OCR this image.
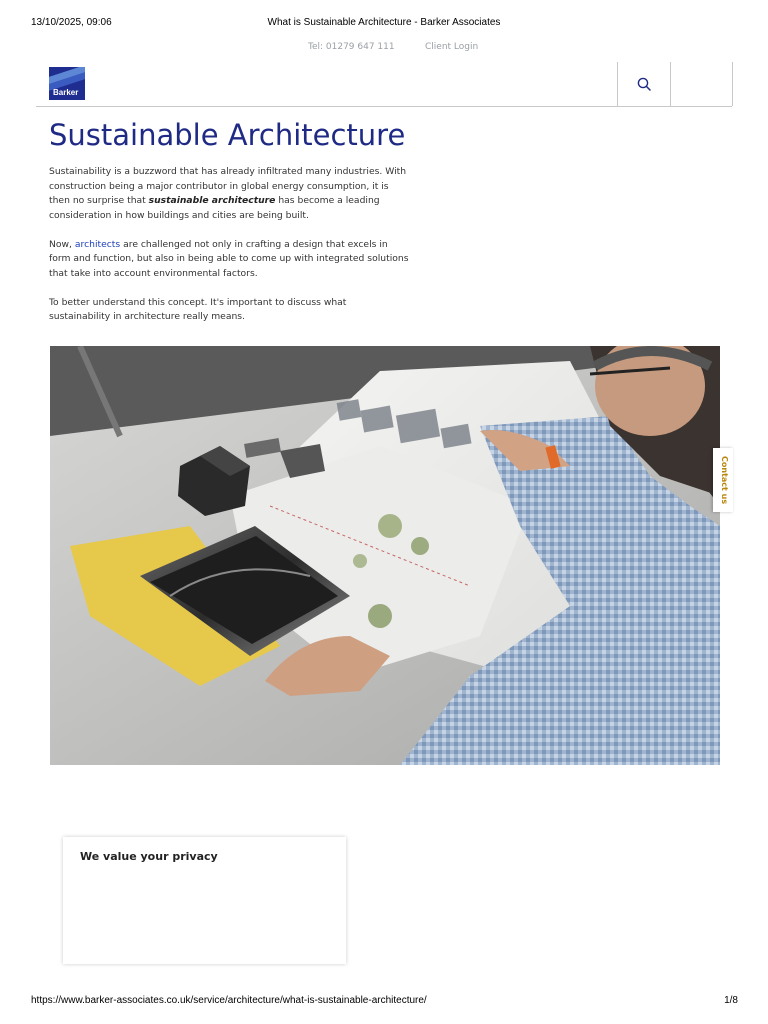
13/10/2025, 09:06	What is Sustainable Architecture - Barker Associates
Tel: 01279 647 111	Client Login
Barker
Sustainable Architecture

Sustainability is a buzzword that has already infiltrated many industries. With construction being a major contributor in global energy consumption, it is then no surprise that sustainable architecture has become a leading consideration in how buildings and cities are being built.

Now, architects are challenged not only in crafting a design that excels in form and function, but also in being able to come up with integrated solutions that take into account environmental factors.

To better understand this concept. It's important to discuss what sustainability in architecture really means.

Contact us
We value your privacy
https://www.barker-associates.co.uk/service/architecture/what-is-sustainable-architecture/	1/8
